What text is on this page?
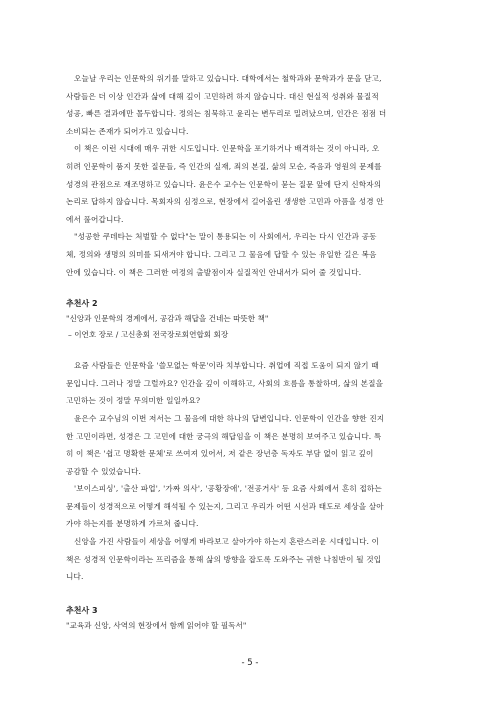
오늘날 우리는 인문학의 위기를 말하고 있습니다. 대학에서는 철학과와 문학과가 문을 닫고,
사람들은 더 이상 인간과 삶에 대해 깊이 고민하려 하지 않습니다. 대신 현실적 성취와 물질적
성공, 빠른 결과에만 몰두합니다. 정의는 침묵하고 윤리는 변두리로 밀려났으며, 인간은 점점 더
소비되는 존재가 되어가고 있습니다.

이 책은 이런 시대에 매우 귀한 시도입니다. 인문학을 포기하거나 배격하는 것이 아니라, 오
히려 인문학이 품지 못한 질문들, 즉 인간의 실재, 죄의 본질, 삶의 모순, 죽음과 영원의 문제를
성경의 관점으로 재조명하고 있습니다. 윤은수 교수는 인문학이 묻는 질문 앞에 단지 신학자의
논리로 답하지 않습니다. 목회자의 심정으로, 현장에서 길어올린 생생한 고민과 아픔을 성경 안
에서 풀어갑니다.

"성공한 쿠데타는 처벌할 수 없다"는 말이 통용되는 이 사회에서, 우리는 다시 인간과 공동
체, 정의와 생명의 의미를 되새겨야 합니다. 그리고 그 물음에 답할 수 있는 유일한 길은 복음
안에 있습니다. 이 책은 그러한 여정의 출발점이자 실질적인 안내서가 되어 줄 것입니다.

추천사 2

"신앙과 인문학의 경계에서, 공감과 해답을 건네는 따뜻한 책"

– 이연호 장로 / 고신총회 전국장로회연합회 회장

요즘 사람들은 인문학을 '쓸모없는 학문'이라 치부합니다. 취업에 직접 도움이 되지 않기 때
문입니다. 그러나 정말 그럴까요? 인간을 깊이 이해하고, 사회의 흐름을 통찰하며, 삶의 본질을
고민하는 것이 정말 무의미한 일일까요?

윤은수 교수님의 이번 저서는 그 물음에 대한 하나의 답변입니다. 인문학이 인간을 향한 진지
한 고민이라면, 성경은 그 고민에 대한 궁극의 해답임을 이 책은 분명히 보여주고 있습니다. 특
히 이 책은 '쉽고 명확한 문체'로 쓰여져 있어서, 저 같은 장년층 독자도 부담 없이 읽고 깊이
공감할 수 있었습니다.

'보이스피싱', '출산 파업', '가짜 의사', '공황장애', '전공거사' 등 요즘 사회에서 흔히 접하는
문제들이 성경적으로 어떻게 해석될 수 있는지, 그리고 우리가 어떤 시선과 태도로 세상을 살아
가야 하는지를 분명하게 가르쳐 줍니다.

신앙을 가진 사람들이 세상을 어떻게 바라보고 살아가야 하는지 혼란스러운 시대입니다. 이
책은 성경적 인문학이라는 프리즘을 통해 삶의 방향을 잡도록 도와주는 귀한 나침반이 될 것입
니다.

추천사 3

"교육과 신앙, 사역의 현장에서 함께 읽어야 할 필독서"

- 5 -
